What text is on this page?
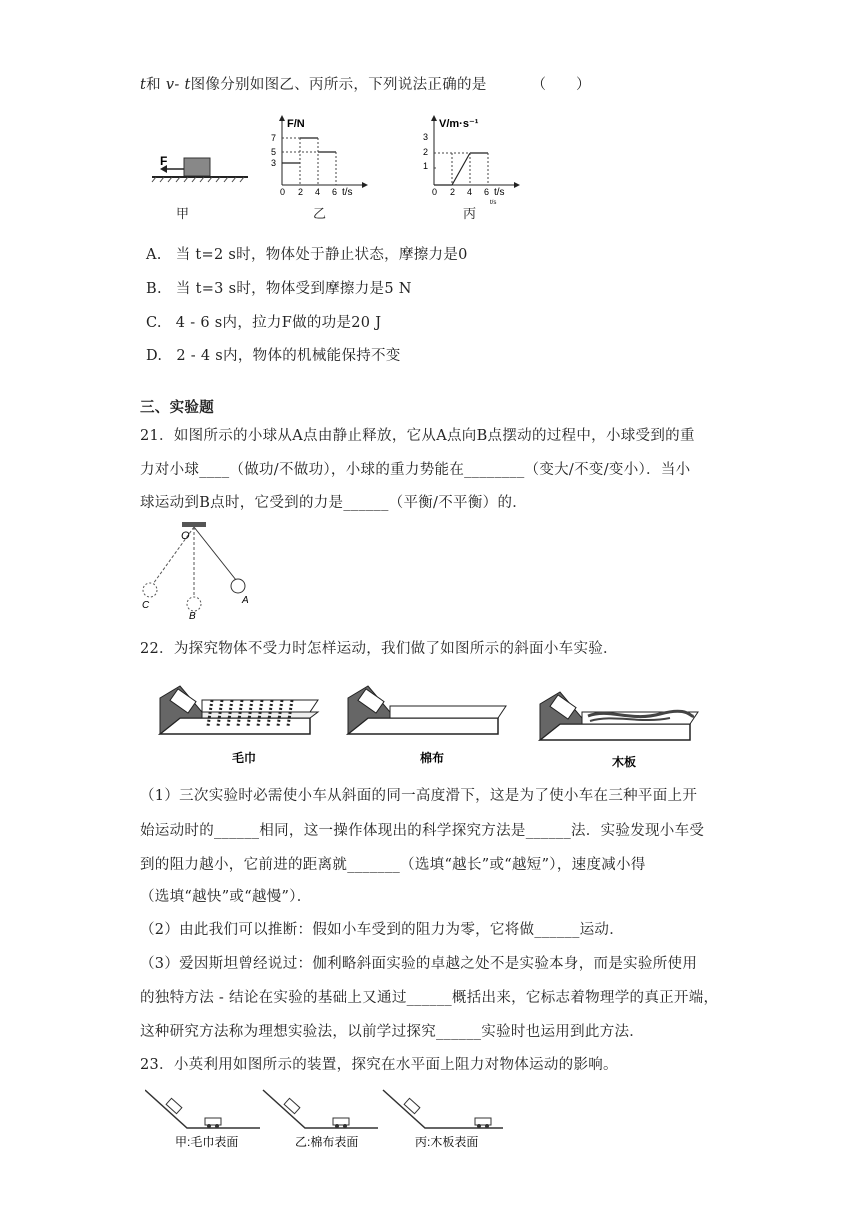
t和 v- t图像分别如图乙、丙所示，下列说法正确的是	（　　）
F
甲
F/N
7
5
3
0 2 4 6 t/s
乙
V/m·s⁻¹
3
2
1
0 2 4 6 t/s
t/s
丙
A. 当 t=2 s时，物体处于静止状态，摩擦力是0
B. 当 t=3 s时，物体受到摩擦力是5 N
C. 4 - 6 s内，拉力F做的功是20 J
D. 2 - 4 s内，物体的机械能保持不变
三、实验题
21．如图所示的小球从A点由静止释放，它从A点向B点摆动的过程中，小球受到的重
力对小球____（做功/不做功），小球的重力势能在________（变大/不变/变小）．当小
球运动到B点时，它受到的力是______（平衡/不平衡）的．
O
A
B
C
22．为探究物体不受力时怎样运动，我们做了如图所示的斜面小车实验．
毛巾	棉布	木板
（1）三次实验时必需使小车从斜面的同一高度滑下，这是为了使小车在三种平面上开
始运动时的______相同，这一操作体现出的科学探究方法是______法．实验发现小车受
到的阻力越小，它前进的距离就_______（选填“越长”或“越短”），速度减小得
（选填“越快”或“越慢”）．
（2）由此我们可以推断：假如小车受到的阻力为零，它将做______运动．
（3）爱因斯坦曾经说过：伽利略斜面实验的卓越之处不是实验本身，而是实验所使用
的独特方法 - 结论在实验的基础上又通过______概括出来，它标志着物理学的真正开端，
这种研究方法称为理想实验法，以前学过探究______实验时也运用到此方法．
23．小英利用如图所示的装置，探究在水平面上阻力对物体运动的影响。
甲:毛巾表面	乙:棉布表面	丙:木板表面
